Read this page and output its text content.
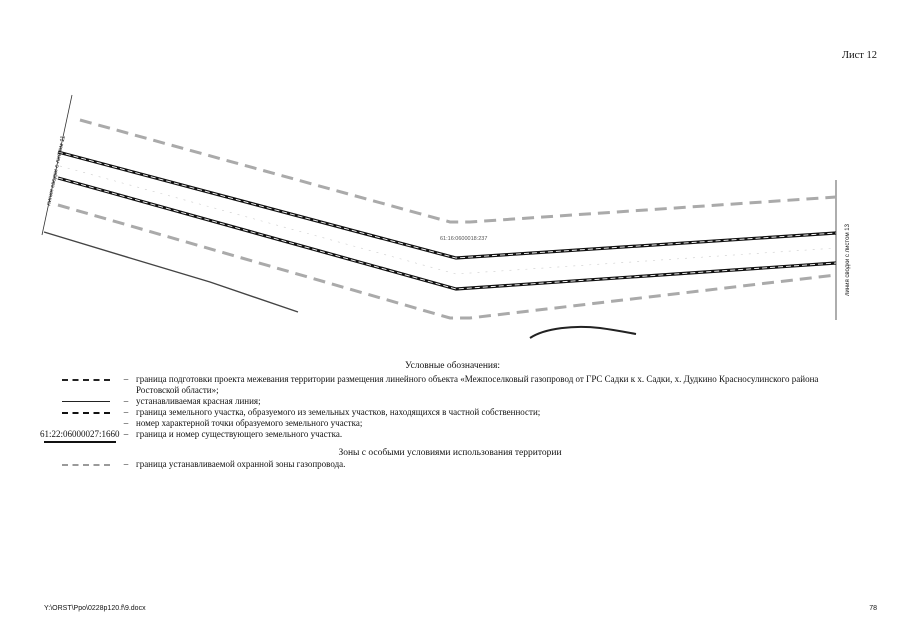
Лист 12
линия сводки с листом 11
линия сводки с листом 13
61:16:0600018:237
Условные обозначения:
– граница подготовки проекта межевания территории размещения линейного объекта «Межпоселковый газопровод от ГРС Садки к х. Садки, х. Дудкино Красносулинского района Ростовской области»;
– устанавливаемая красная линия;
– граница земельного участка, образуемого из земельных участков, находящихся в частной собственности;
– номер характерной точки образуемого земельного участка;
61:22:06000027:1660 – граница и номер существующего земельного участка.
Зоны с особыми условиями использования территории
– граница устанавливаемой охранной зоны газопровода.
Y:\ORST\Ppo\0228p120.f\9.docx	78
